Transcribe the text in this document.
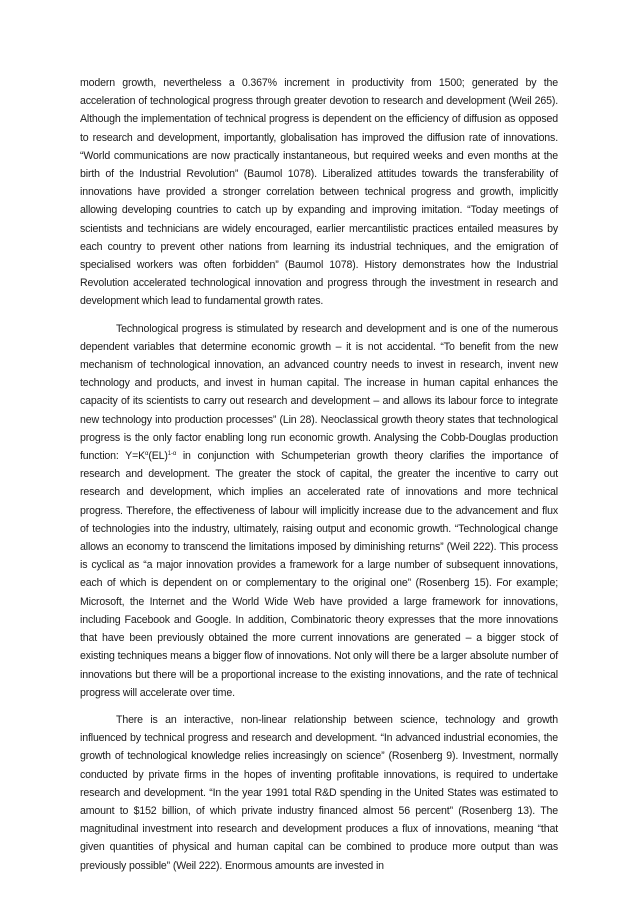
modern growth, nevertheless a 0.367% increment in productivity from 1500; generated by the acceleration of technological progress through greater devotion to research and development (Weil 265). Although the implementation of technical progress is dependent on the efficiency of diffusion as opposed to research and development, importantly, globalisation has improved the diffusion rate of innovations. “World communications are now practically instantaneous, but required weeks and even months at the birth of the Industrial Revolution” (Baumol 1078). Liberalized attitudes towards the transferability of innovations have provided a stronger correlation between technical progress and growth, implicitly allowing developing countries to catch up by expanding and improving imitation. “Today meetings of scientists and technicians are widely encouraged, earlier mercantilistic practices entailed measures by each country to prevent other nations from learning its industrial techniques, and the emigration of specialised workers was often forbidden” (Baumol 1078). History demonstrates how the Industrial Revolution accelerated technological innovation and progress through the investment in research and development which lead to fundamental growth rates.

Technological progress is stimulated by research and development and is one of the numerous dependent variables that determine economic growth – it is not accidental. “To benefit from the new mechanism of technological innovation, an advanced country needs to invest in research, invent new technology and products, and invest in human capital. The increase in human capital enhances the capacity of its scientists to carry out research and development – and allows its labour force to integrate new technology into production processes” (Lin 28). Neoclassical growth theory states that technological progress is the only factor enabling long run economic growth. Analysing the Cobb-Douglas production function: $Y=K^\alpha(EL)^{1-\alpha}$ in conjunction with Schumpeterian growth theory clarifies the importance of research and development. The greater the stock of capital, the greater the incentive to carry out research and development, which implies an accelerated rate of innovations and more technical progress. Therefore, the effectiveness of labour will implicitly increase due to the advancement and flux of technologies into the industry, ultimately, raising output and economic growth. “Technological change allows an economy to transcend the limitations imposed by diminishing returns” (Weil 222). This process is cyclical as “a major innovation provides a framework for a large number of subsequent innovations, each of which is dependent on or complementary to the original one” (Rosenberg 15). For example; Microsoft, the Internet and the World Wide Web have provided a large framework for innovations, including Facebook and Google. In addition, Combinatoric theory expresses that the more innovations that have been previously obtained the more current innovations are generated – a bigger stock of existing techniques means a bigger flow of innovations. Not only will there be a larger absolute number of innovations but there will be a proportional increase to the existing innovations, and the rate of technical progress will accelerate over time.

There is an interactive, non-linear relationship between science, technology and growth influenced by technical progress and research and development. “In advanced industrial economies, the growth of technological knowledge relies increasingly on science” (Rosenberg 9). Investment, normally conducted by private firms in the hopes of inventing profitable innovations, is required to undertake research and development. “In the year 1991 total R&D spending in the United States was estimated to amount to $152 billion, of which private industry financed almost 56 percent” (Rosenberg 13). The magnitudinal investment into research and development produces a flux of innovations, meaning “that given quantities of physical and human capital can be combined to produce more output than was previously possible” (Weil 222). Enormous amounts are invested in
